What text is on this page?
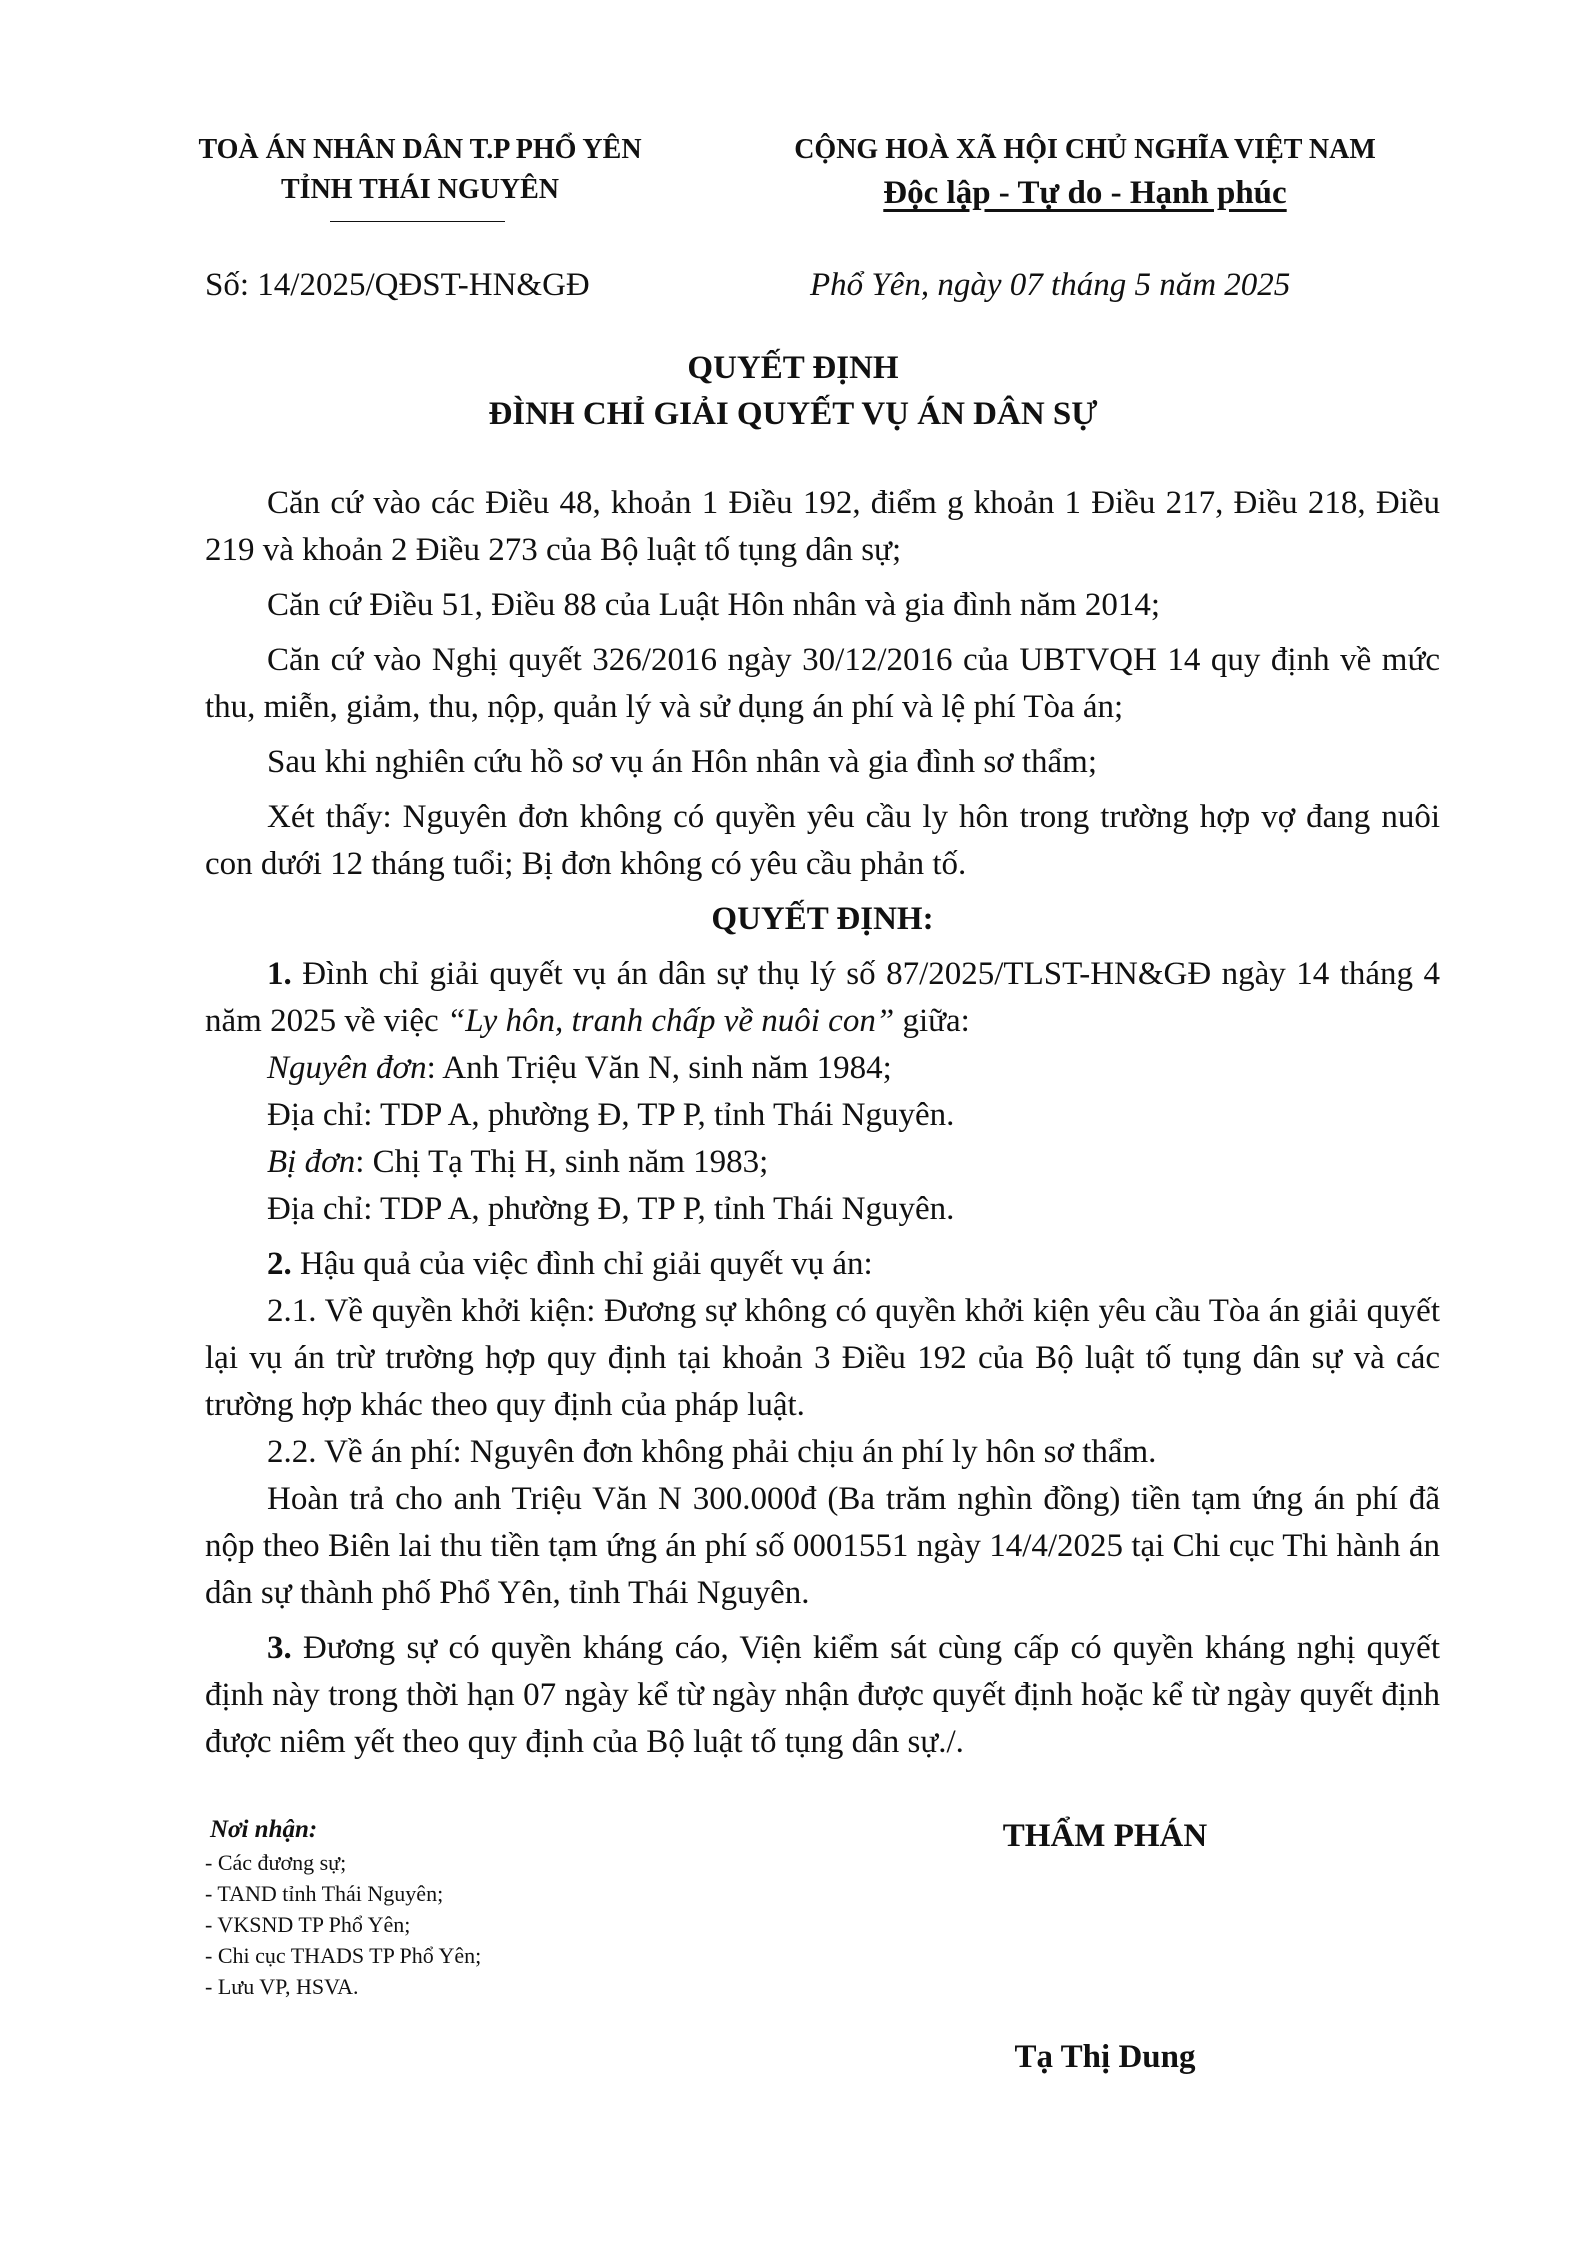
TOÀ ÁN NHÂN DÂN T.P PHỔ YÊN
TỈNH THÁI NGUYÊN
CỘNG HOÀ XÃ HỘI CHỦ NGHĨA VIỆT NAM
Độc lập - Tự do - Hạnh phúc
Số: 14/2025/QĐST-HN&GĐ	Phổ Yên, ngày 07 tháng 5 năm 2025
QUYẾT ĐỊNH
ĐÌNH CHỈ GIẢI QUYẾT VỤ ÁN DÂN SỰ

Căn cứ vào các Điều 48, khoản 1 Điều 192, điểm g khoản 1 Điều 217, Điều 218, Điều 219 và khoản 2 Điều 273 của Bộ luật tố tụng dân sự;

Căn cứ Điều 51, Điều 88 của Luật Hôn nhân và gia đình năm 2014;

Căn cứ vào Nghị quyết 326/2016 ngày 30/12/2016 của UBTVQH 14 quy định về mức thu, miễn, giảm, thu, nộp, quản lý và sử dụng án phí và lệ phí Tòa án;

Sau khi nghiên cứu hồ sơ vụ án Hôn nhân và gia đình sơ thẩm;

Xét thấy: Nguyên đơn không có quyền yêu cầu ly hôn trong trường hợp vợ đang nuôi con dưới 12 tháng tuổi; Bị đơn không có yêu cầu phản tố.

QUYẾT ĐỊNH:

1. Đình chỉ giải quyết vụ án dân sự thụ lý số 87/2025/TLST-HN&GĐ ngày 14 tháng 4 năm 2025 về việc “Ly hôn, tranh chấp về nuôi con” giữa:

Nguyên đơn: Anh Triệu Văn N, sinh năm 1984;

Địa chỉ: TDP A, phường Đ, TP P, tỉnh Thái Nguyên.

Bị đơn: Chị Tạ Thị H, sinh năm 1983;

Địa chỉ: TDP A, phường Đ, TP P, tỉnh Thái Nguyên.

2. Hậu quả của việc đình chỉ giải quyết vụ án:

2.1. Về quyền khởi kiện: Đương sự không có quyền khởi kiện yêu cầu Tòa án giải quyết lại vụ án trừ trường hợp quy định tại khoản 3 Điều 192 của Bộ luật tố tụng dân sự và các trường hợp khác theo quy định của pháp luật.

2.2. Về án phí: Nguyên đơn không phải chịu án phí ly hôn sơ thẩm.

Hoàn trả cho anh Triệu Văn N 300.000đ (Ba trăm nghìn đồng) tiền tạm ứng án phí đã nộp theo Biên lai thu tiền tạm ứng án phí số 0001551 ngày 14/4/2025 tại Chi cục Thi hành án dân sự thành phố Phổ Yên, tỉnh Thái Nguyên.

3. Đương sự có quyền kháng cáo, Viện kiểm sát cùng cấp có quyền kháng nghị quyết định này trong thời hạn 07 ngày kể từ ngày nhận được quyết định hoặc kể từ ngày quyết định được niêm yết theo quy định của Bộ luật tố tụng dân sự./.

Nơi nhận:
- Các đương sự;
- TAND tỉnh Thái Nguyên;
- VKSND TP Phổ Yên;
- Chi cục THADS TP Phổ Yên;
- Lưu VP, HSVA.
THẨM PHÁN
Tạ Thị Dung
